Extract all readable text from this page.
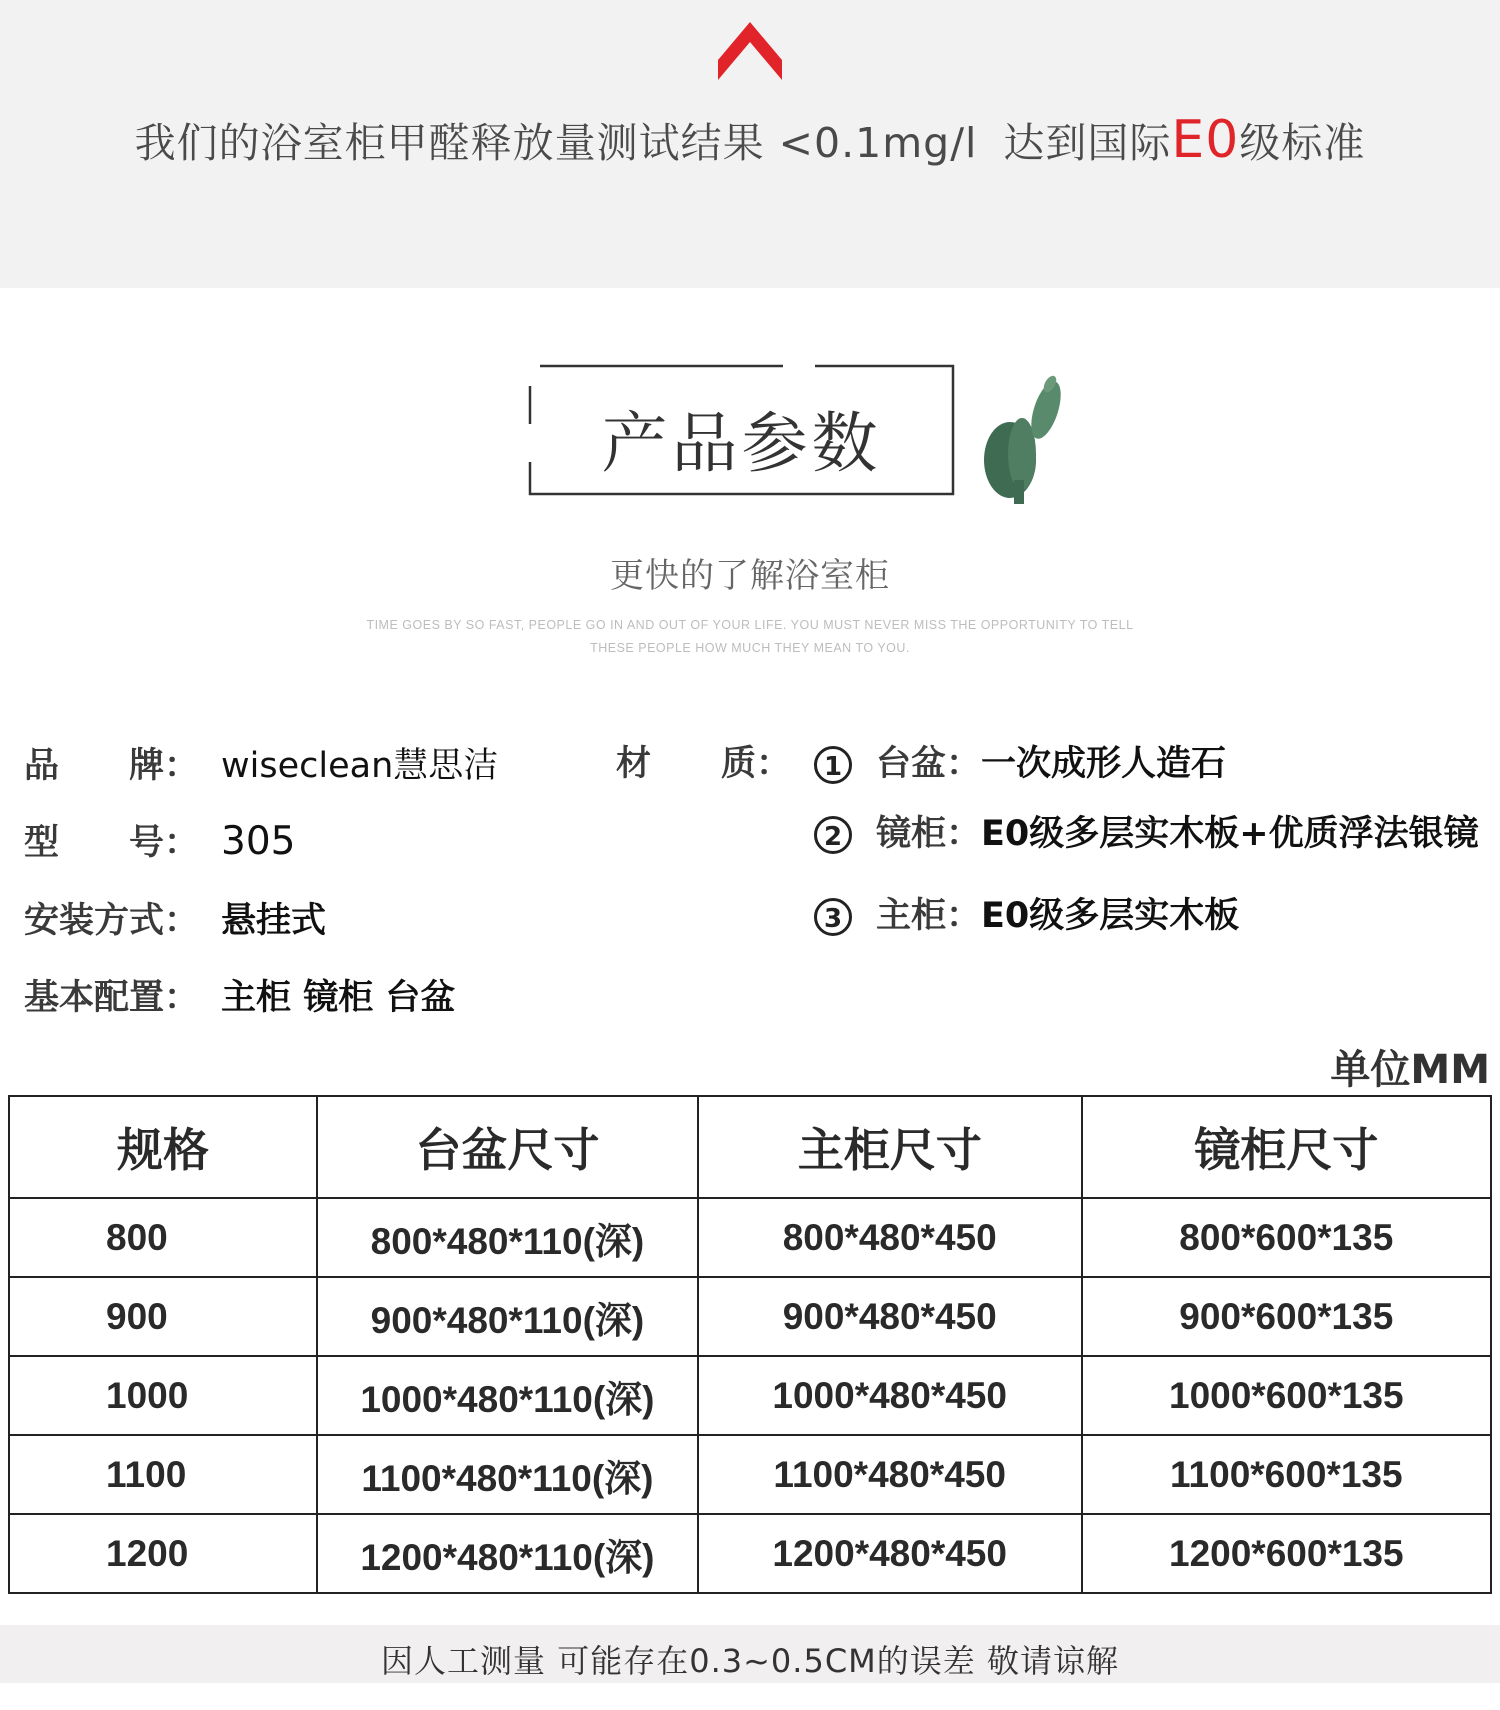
我们的浴室柜甲醛释放量测试结果 <0.1mg/l 达到国际E0级标准
产品参数
更快的了解浴室柜
TIME GOES BY SO FAST, PEOPLE GO IN AND OUT OF YOUR LIFE. YOU MUST NEVER MISS THE OPPORTUNITY TO TELL
THESE PEOPLE HOW MUCH THEY MEAN TO YOU.
品　　牌： wiseclean慧思洁
型　　号： 305
安装方式： 悬挂式
基本配置： 主柜 镜柜 台盆
材　　质：	1 台盆：一次成形人造石
2 镜柜：E0级多层实木板+优质浮法银镜
3 主柜：E0级多层实木板
单位MM
规格	台盆尺寸	主柜尺寸	镜柜尺寸
800	800*480*110(深)	800*480*450	800*600*135
900	900*480*110(深)	900*480*450	900*600*135
1000	1000*480*110(深)	1000*480*450	1000*600*135
1100	1100*480*110(深)	1100*480*450	1100*600*135
1200	1200*480*110(深)	1200*480*450	1200*600*135
因人工测量 可能存在0.3~0.5CM的误差 敬请谅解
